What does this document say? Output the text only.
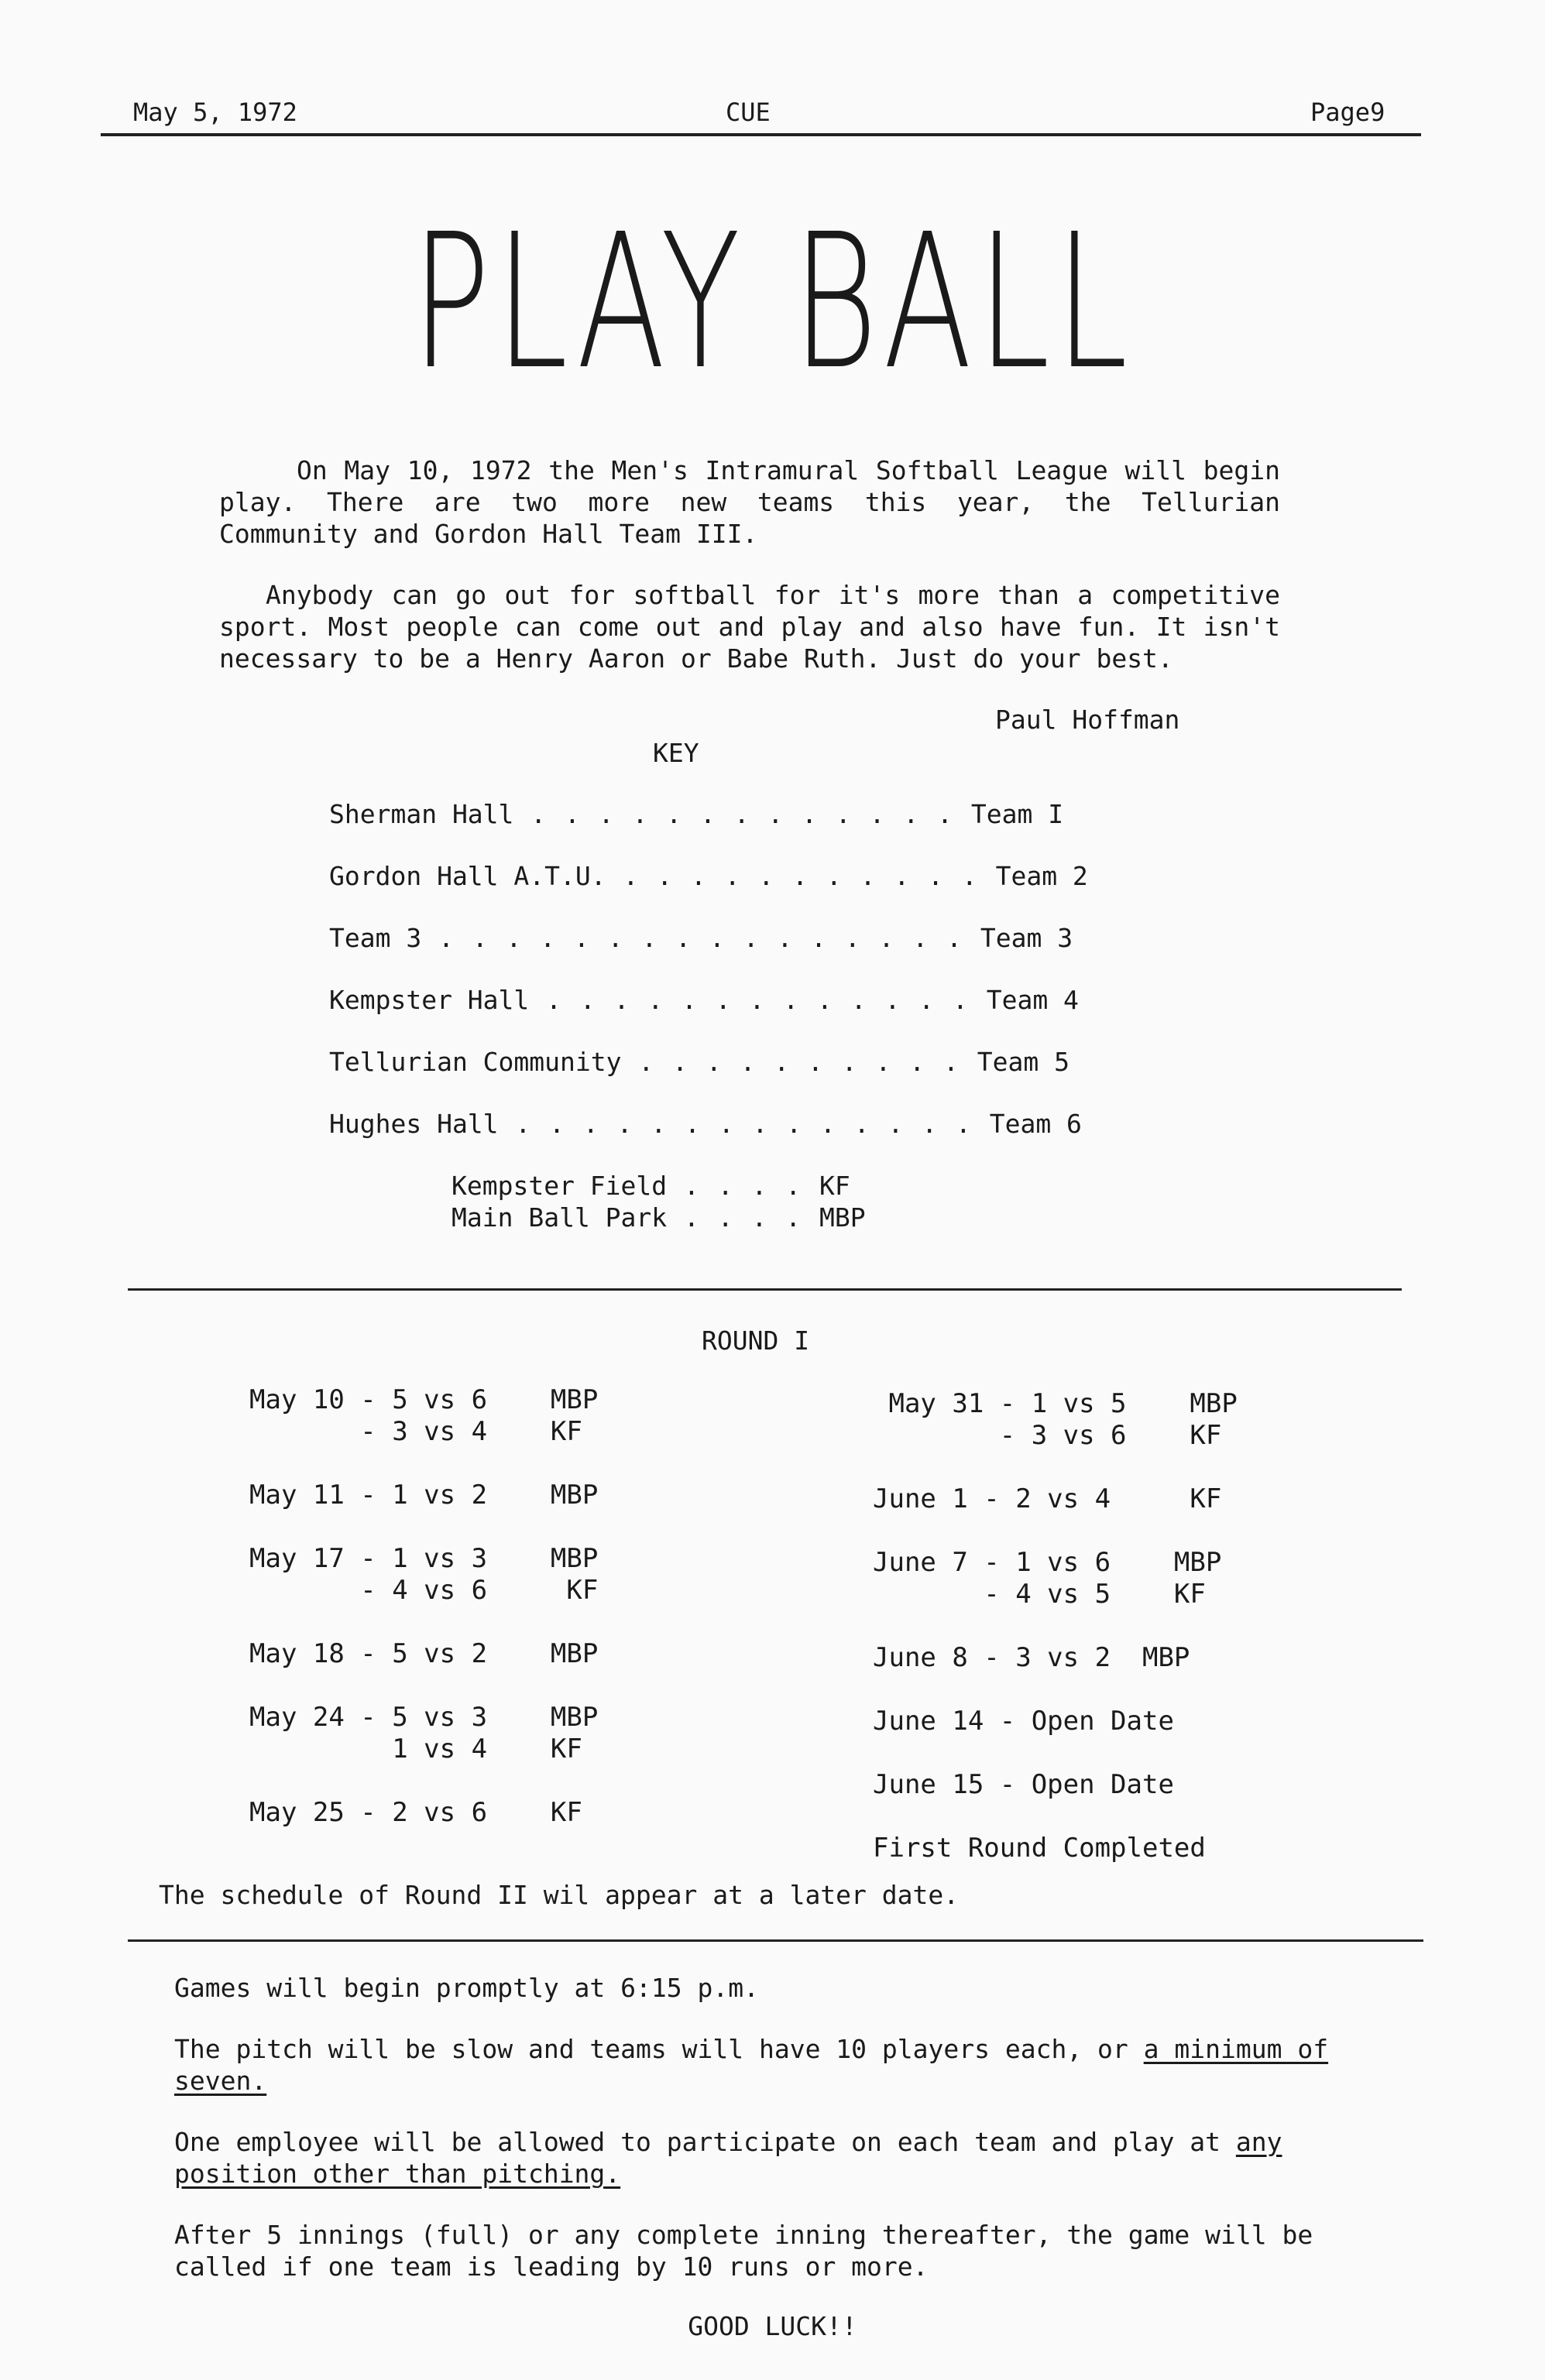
May 5, 1972	CUE	Page9
PLAY BALL

On May 10, 1972 the Men's Intramural Softball League will begin play. There are two more new teams this year, the Tellurian Community and Gordon Hall Team III.

Anybody can go out for softball for it's more than a competitive sport. Most people can come out and play and also have fun. It isn't necessary to be a Henry Aaron or Babe Ruth. Just do your best.

Paul Hoffman
KEY
Sherman Hall . . . . . . . . . . . . . Team I
Gordon Hall A.T.U. . . . . . . . . . . . Team 2
Team 3 . . . . . . . . . . . . . . . . Team 3
Kempster Hall . . . . . . . . . . . . . Team 4
Tellurian Community . . . . . . . . . . Team 5
Hughes Hall . . . . . . . . . . . . . . Team 6
Kempster Field . . . . KF
Main Ball Park . . . . MBP
ROUND I
May 10 - 5 vs 6    MBP
- 3 vs 4    KF

May 11 - 1 vs 2    MBP

May 17 - 1 vs 3    MBP
- 4 vs 6     KF

May 18 - 5 vs 2    MBP

May 24 - 5 vs 3    MBP
1 vs 4    KF

May 25 - 2 vs 6    KF
May 31 - 1 vs 5    MBP
- 3 vs 6    KF

June 1 - 2 vs 4     KF

June 7 - 1 vs 6    MBP
- 4 vs 5    KF

June 8 - 3 vs 2  MBP

June 14 - Open Date

June 15 - Open Date

First Round Completed
The schedule of Round II wil appear at a later date.

Games will begin promptly at 6:15 p.m.

The pitch will be slow and teams will have 10 players each, or a minimum of seven.

One employee will be allowed to participate on each team and play at any position other than pitching.

After 5 innings (full) or any complete inning thereafter, the game will be called if one team is leading by 10 runs or more.

GOOD LUCK!!
